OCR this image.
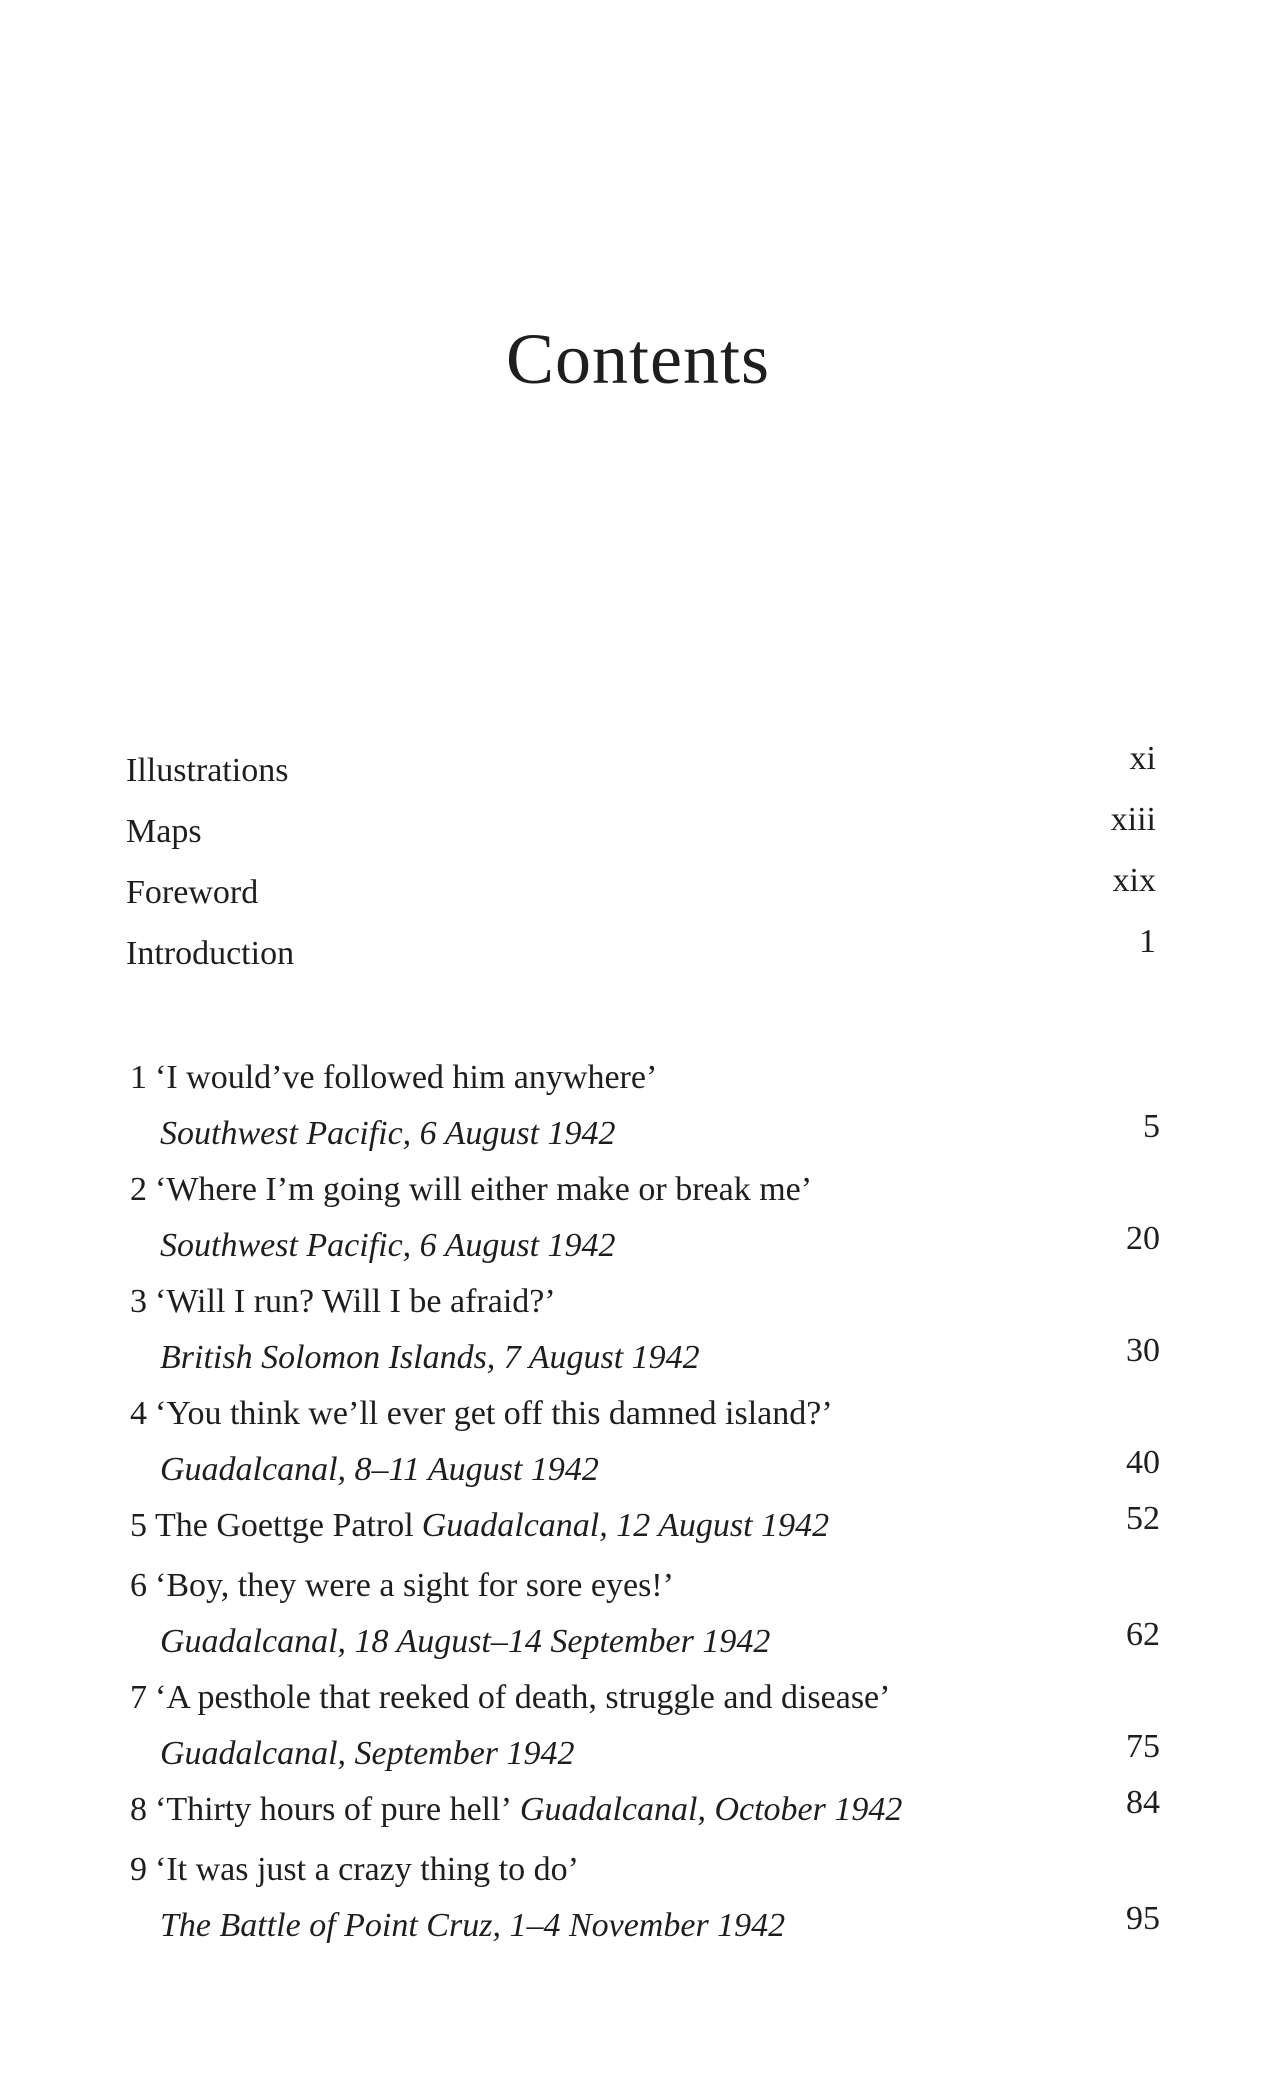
Contents
Illustrations	xi
Maps	xiii
Foreword	xix
Introduction	1
1 ‘I would’ve followed him anywhere’
Southwest Pacific, 6 August 1942	5
2 ‘Where I’m going will either make or break me’
Southwest Pacific, 6 August 1942	20
3 ‘Will I run? Will I be afraid?’
British Solomon Islands, 7 August 1942	30
4 ‘You think we’ll ever get off this damned island?’
Guadalcanal, 8–11 August 1942	40
5 The Goettge Patrol Guadalcanal, 12 August 1942	52
6 ‘Boy, they were a sight for sore eyes!’
Guadalcanal, 18 August–14 September 1942	62
7 ‘A pesthole that reeked of death, struggle and disease’
Guadalcanal, September 1942	75
8 ‘Thirty hours of pure hell’ Guadalcanal, October 1942	84
9 ‘It was just a crazy thing to do’
The Battle of Point Cruz, 1–4 November 1942	95
